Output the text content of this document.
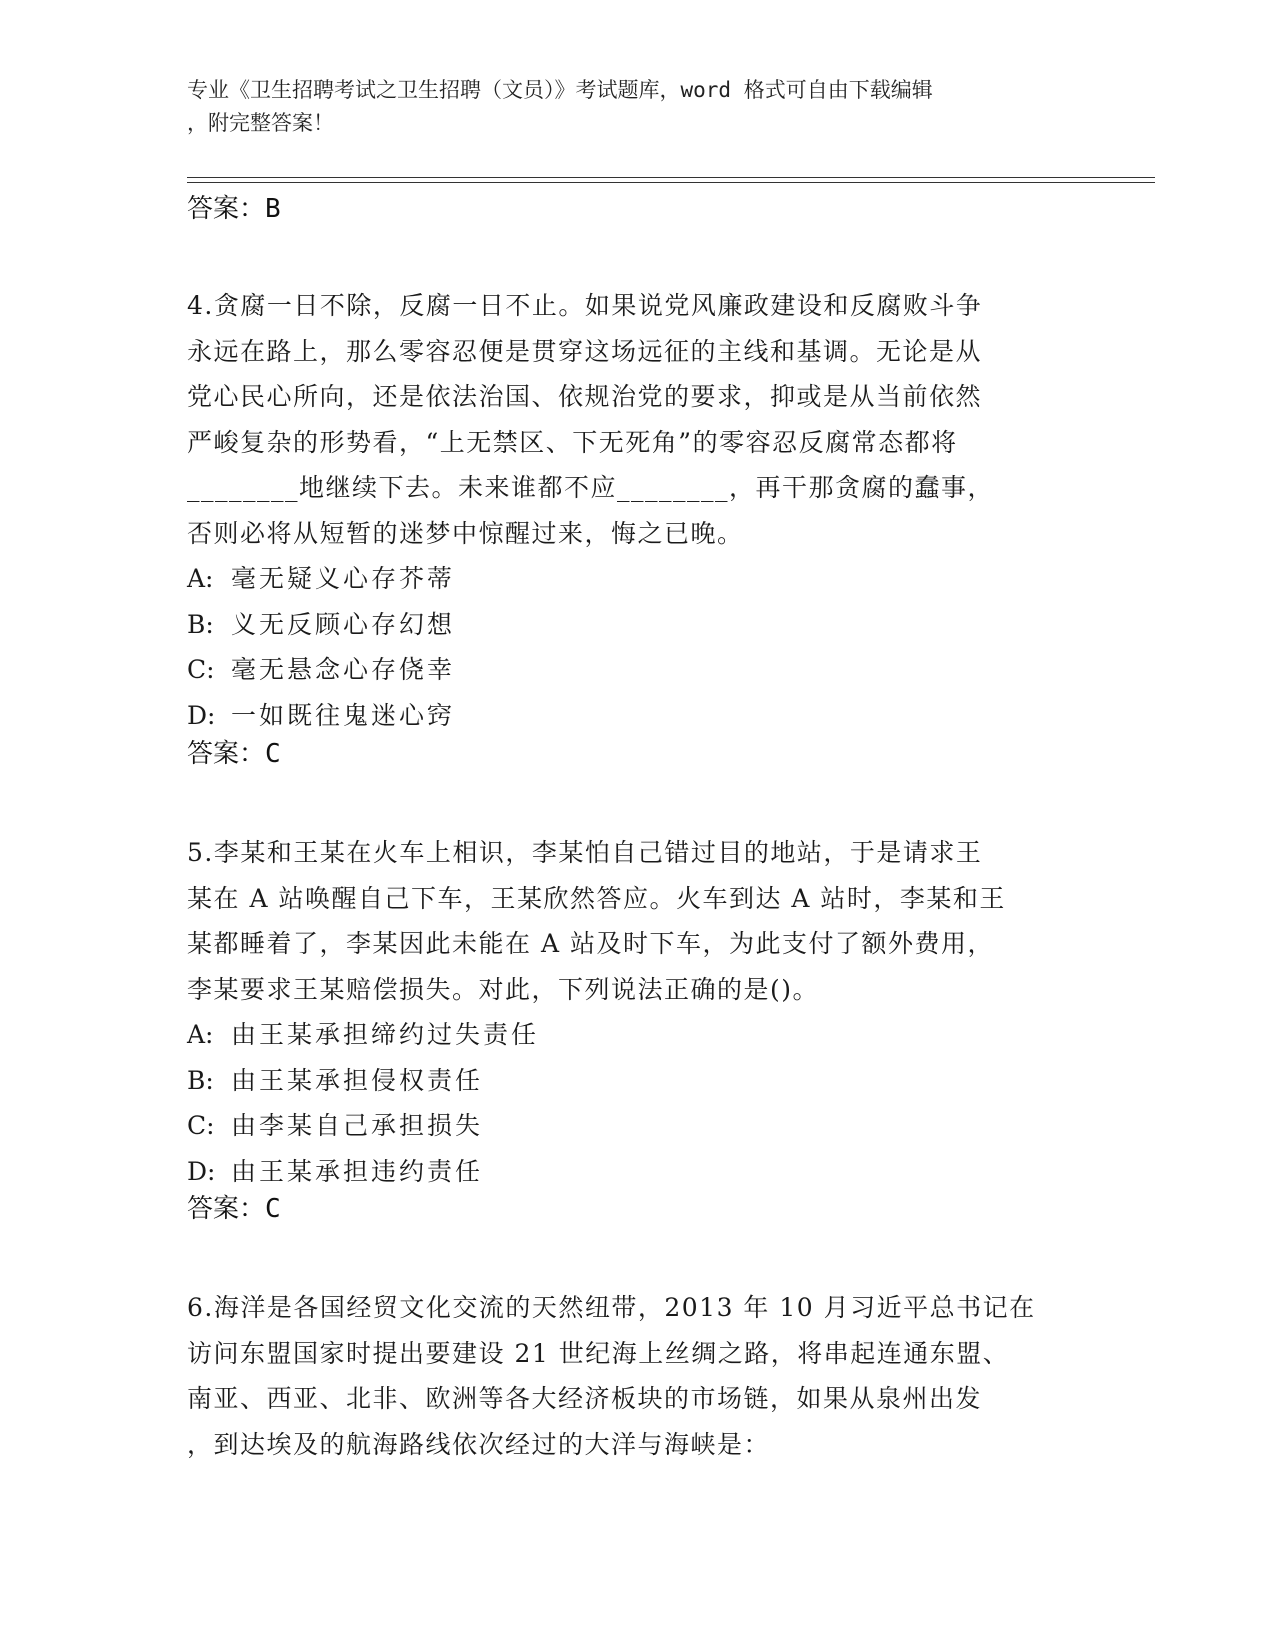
专业《卫生招聘考试之卫生招聘（文员）》考试题库，word 格式可自由下载编辑
，附完整答案！
答案：B
4.贪腐一日不除，反腐一日不止。如果说党风廉政建设和反腐败斗争
永远在路上，那么零容忍便是贯穿这场远征的主线和基调。无论是从
党心民心所向，还是依法治国、依规治党的要求，抑或是从当前依然
严峻复杂的形势看，“上无禁区、下无死角”的零容忍反腐常态都将
________地继续下去。未来谁都不应________，再干那贪腐的蠢事，
否则必将从短暂的迷梦中惊醒过来，悔之已晚。
A: 毫无疑义心存芥蒂
B: 义无反顾心存幻想
C: 毫无悬念心存侥幸
D: 一如既往鬼迷心窍
答案：C
5.李某和王某在火车上相识，李某怕自己错过目的地站，于是请求王
某在 A 站唤醒自己下车，王某欣然答应。火车到达 A 站时，李某和王
某都睡着了，李某因此未能在 A 站及时下车，为此支付了额外费用，
李某要求王某赔偿损失。对此，下列说法正确的是()。
A: 由王某承担缔约过失责任
B: 由王某承担侵权责任
C: 由李某自己承担损失
D: 由王某承担违约责任
答案：C
6.海洋是各国经贸文化交流的天然纽带，2013 年 10 月习近平总书记在
访问东盟国家时提出要建设 21 世纪海上丝绸之路，将串起连通东盟、
南亚、西亚、北非、欧洲等各大经济板块的市场链，如果从泉州出发
，到达埃及的航海路线依次经过的大洋与海峡是：
